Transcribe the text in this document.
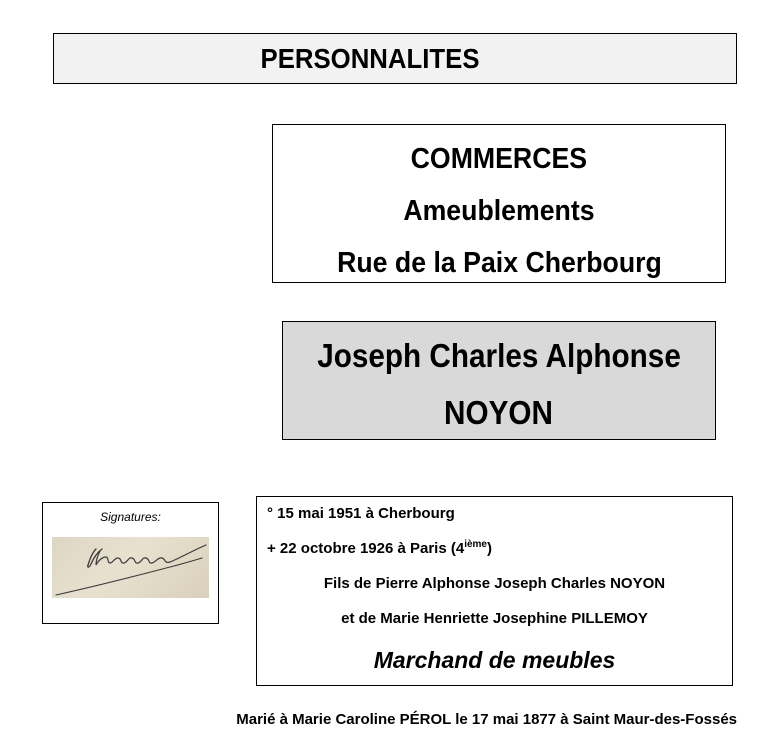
PERSONNALITES
COMMERCES
Ameublements
Rue de la Paix Cherbourg
Joseph Charles Alphonse
NOYON
Signatures:	° 15 mai 1951 à Cherbourg
+ 22 octobre 1926 à Paris (4ième)
Fils de Pierre Alphonse Joseph Charles NOYON
et de Marie Henriette Josephine PILLEMOY
Marchand de meubles
Marié à Marie Caroline PÉROL le 17 mai 1877 à Saint Maur-des-Fossés
